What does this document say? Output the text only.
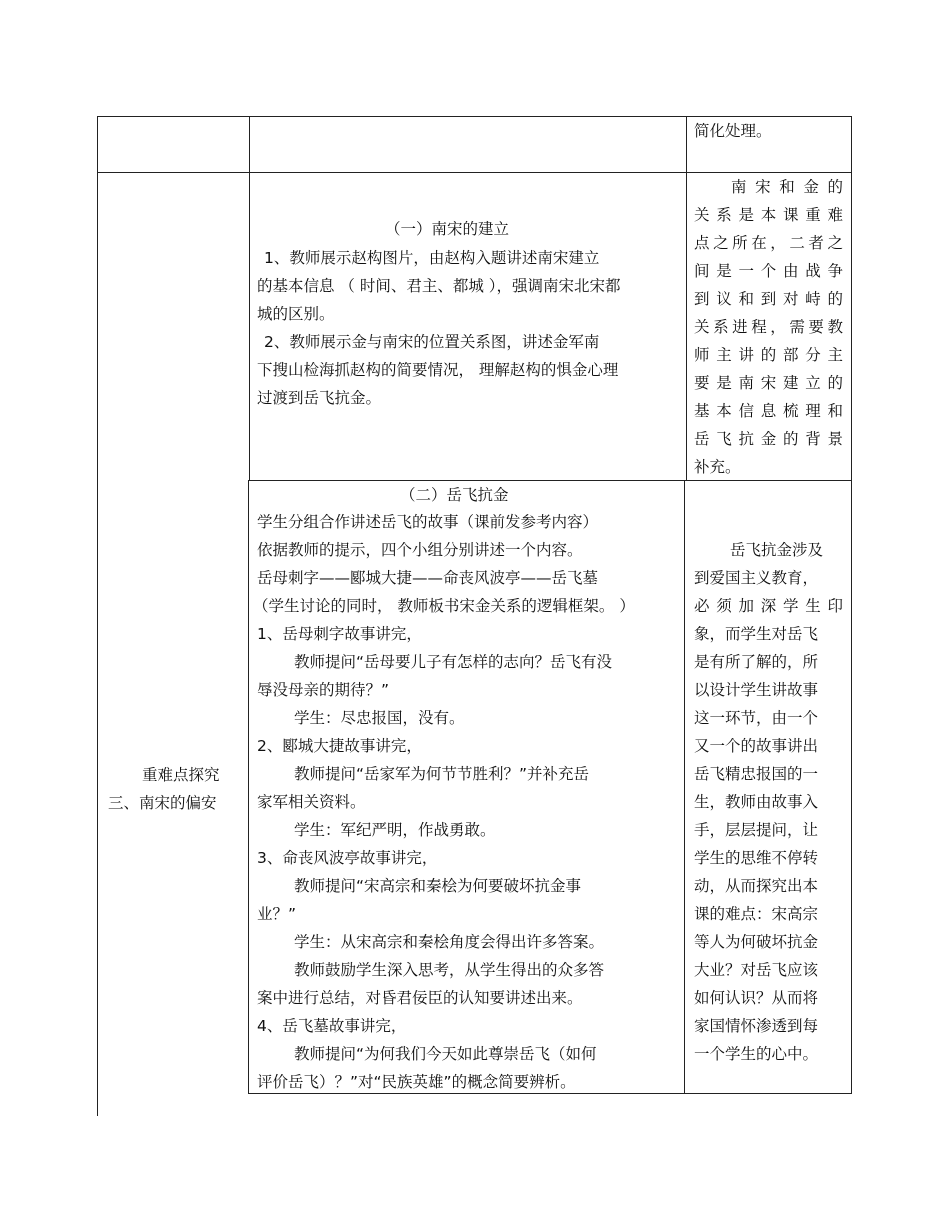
简化处理。
（一）南宋的建立
1、教师展示赵构图片，由赵构入题讲述南宋建立
的基本信息 （ 时间、君主、都城 ），强调南宋北宋都
城的区别。
2、教师展示金与南宋的位置关系图，讲述金军南
下搜山检海抓赵构的简要情况， 理解赵构的惧金心理
过渡到岳飞抗金。
南宋和金的
关系是本课重难
点之所在，二者之
间是一个由战争
到议和到对峙的
关系进程，需要教
师主讲的部分主
要是南宋建立的
基本信息梳理和
岳飞抗金的背景
补充。
重难点探究
三、南宋的偏安
（二）岳飞抗金
学生分组合作讲述岳飞的故事（课前发参考内容）
依据教师的提示，四个小组分别讲述一个内容。
岳母刺字——郾城大捷——命丧风波亭——岳飞墓
（学生讨论的同时， 教师板书宋金关系的逻辑框架。 ）
1、岳母刺字故事讲完，
教师提问“岳母要儿子有怎样的志向？岳飞有没
辱没母亲的期待？”
学生：尽忠报国，没有。
2、郾城大捷故事讲完，
教师提问“岳家军为何节节胜利？”并补充岳
家军相关资料。
学生：军纪严明，作战勇敢。
3、命丧风波亭故事讲完，
教师提问“宋高宗和秦桧为何要破坏抗金事
业？”
学生：从宋高宗和秦桧角度会得出许多答案。
教师鼓励学生深入思考，从学生得出的众多答
案中进行总结，对昏君佞臣的认知要讲述出来。
4、岳飞墓故事讲完，
教师提问“为何我们今天如此尊崇岳飞（如何
评价岳飞）？”对“民族英雄”的概念简要辨析。
岳飞抗金涉及
到爱国主义教育，
必须加深学生印
象，而学生对岳飞
是有所了解的，所
以设计学生讲故事
这一环节，由一个
又一个的故事讲出
岳飞精忠报国的一
生，教师由故事入
手，层层提问，让
学生的思维不停转
动，从而探究出本
课的难点：宋高宗
等人为何破坏抗金
大业？对岳飞应该
如何认识？从而将
家国情怀渗透到每
一个学生的心中。
